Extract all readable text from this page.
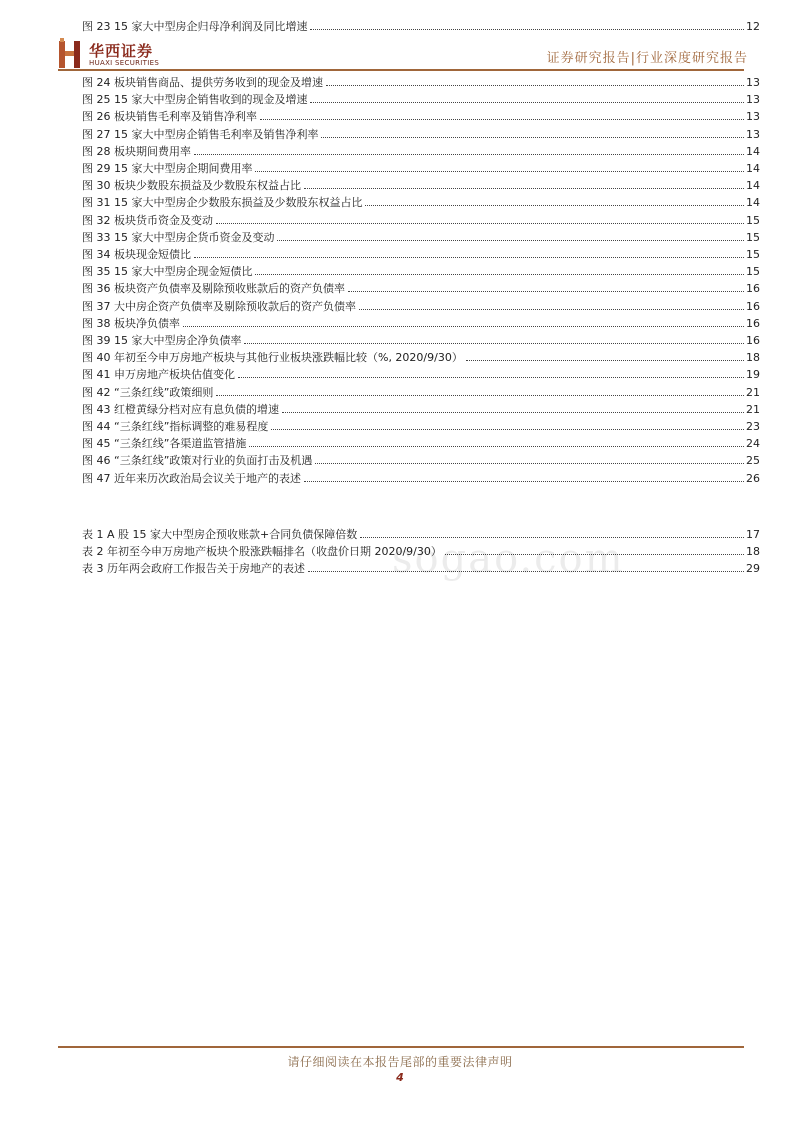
图 23 15 家大中型房企归母净利润及同比增速	12
华西证券
HUAXI SECURITIES	证券研究报告|行业深度研究报告
图 24 板块销售商品、提供劳务收到的现金及增速	13
图 25 15 家大中型房企销售收到的现金及增速	13
图 26 板块销售毛利率及销售净利率	13
图 27 15 家大中型房企销售毛利率及销售净利率	13
图 28 板块期间费用率	14
图 29 15 家大中型房企期间费用率	14
图 30 板块少数股东损益及少数股东权益占比	14
图 31 15 家大中型房企少数股东损益及少数股东权益占比	14
图 32 板块货币资金及变动	15
图 33 15 家大中型房企货币资金及变动	15
图 34 板块现金短债比	15
图 35 15 家大中型房企现金短债比	15
图 36 板块资产负债率及剔除预收账款后的资产负债率	16
图 37 大中房企资产负债率及剔除预收款后的资产负债率	16
图 38 板块净负债率	16
图 39 15 家大中型房企净负债率	16
图 40 年初至今申万房地产板块与其他行业板块涨跌幅比较（%, 2020/9/30）	18
图 41 申万房地产板块估值变化	19
图 42 “三条红线”政策细则	21
图 43 红橙黄绿分档对应有息负债的增速	21
图 44 “三条红线”指标调整的难易程度	23
图 45 “三条红线”各渠道监管措施	24
图 46 “三条红线”政策对行业的负面打击及机遇	25
图 47 近年来历次政治局会议关于地产的表述	26
表 1 A 股 15 家大中型房企预收账款+合同负债保障倍数	17
表 2 年初至今申万房地产板块个股涨跌幅排名（收盘价日期 2020/9/30）	18
表 3 历年两会政府工作报告关于房地产的表述	29
sogao.com
请仔细阅读在本报告尾部的重要法律声明
4
